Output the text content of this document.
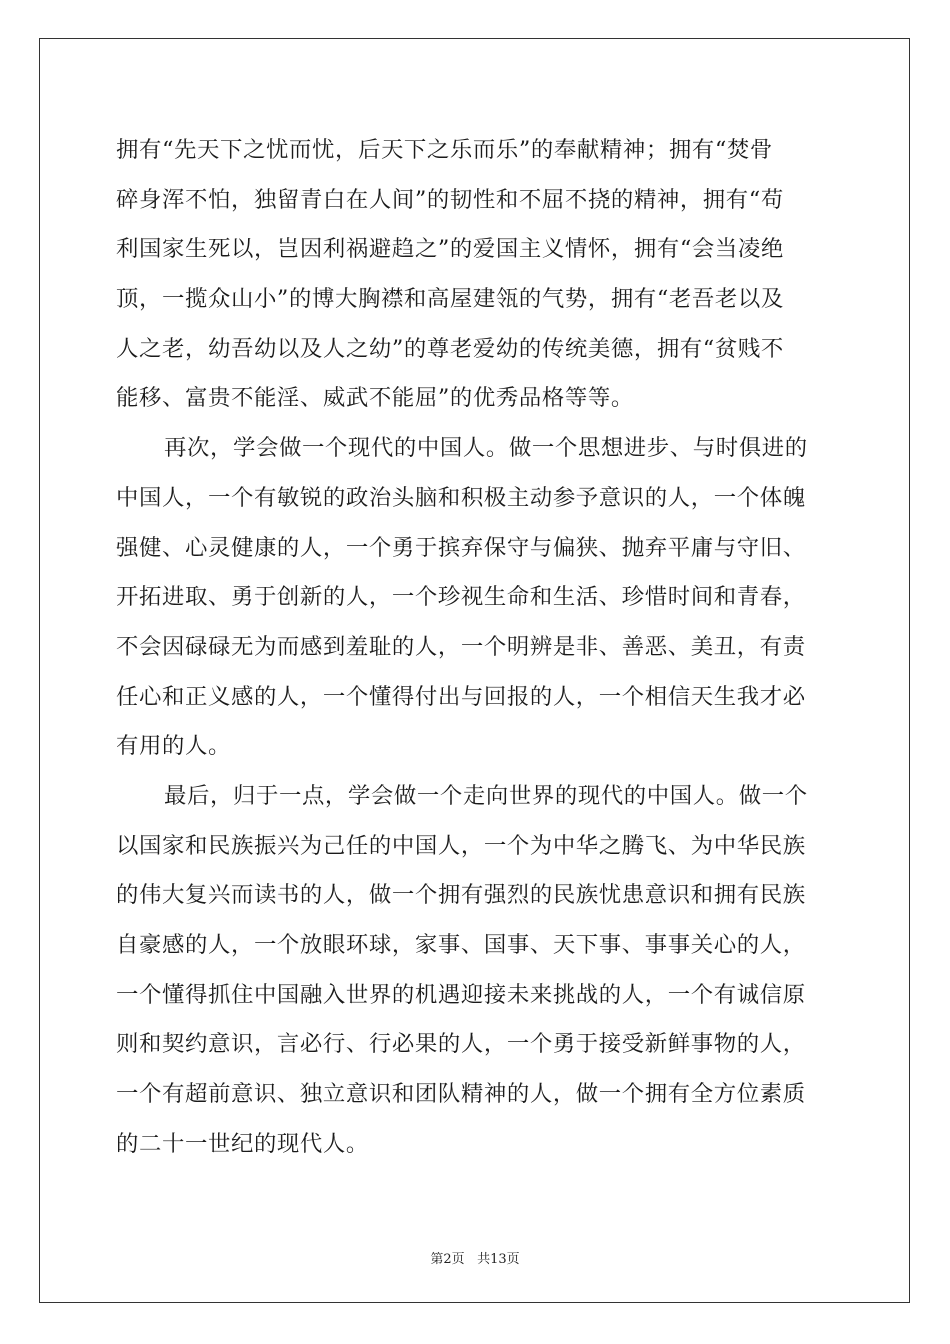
拥有“先天下之忧而忧，后天下之乐而乐”的奉献精神；拥有“焚骨
碎身浑不怕，独留青白在人间”的韧性和不屈不挠的精神，拥有“苟
利国家生死以，岂因利祸避趋之”的爱国主义情怀，拥有“会当凌绝
顶，一揽众山小”的博大胸襟和高屋建瓴的气势，拥有“老吾老以及
人之老，幼吾幼以及人之幼”的尊老爱幼的传统美德，拥有“贫贱不
能移、富贵不能淫、威武不能屈”的优秀品格等等。
再次，学会做一个现代的中国人。做一个思想进步、与时俱进的
中国人，一个有敏锐的政治头脑和积极主动参予意识的人，一个体魄
强健、心灵健康的人，一个勇于摈弃保守与偏狭、抛弃平庸与守旧、
开拓进取、勇于创新的人，一个珍视生命和生活、珍惜时间和青春，
不会因碌碌无为而感到羞耻的人，一个明辨是非、善恶、美丑，有责
任心和正义感的人，一个懂得付出与回报的人，一个相信天生我才必
有用的人。
最后，归于一点，学会做一个走向世界的现代的中国人。做一个
以国家和民族振兴为己任的中国人，一个为中华之腾飞、为中华民族
的伟大复兴而读书的人，做一个拥有强烈的民族忧患意识和拥有民族
自豪感的人，一个放眼环球，家事、国事、天下事、事事关心的人，
一个懂得抓住中国融入世界的机遇迎接未来挑战的人，一个有诚信原
则和契约意识，言必行、行必果的人，一个勇于接受新鲜事物的人，
一个有超前意识、独立意识和团队精神的人，做一个拥有全方位素质
的二十一世纪的现代人。
第2页 共13页
